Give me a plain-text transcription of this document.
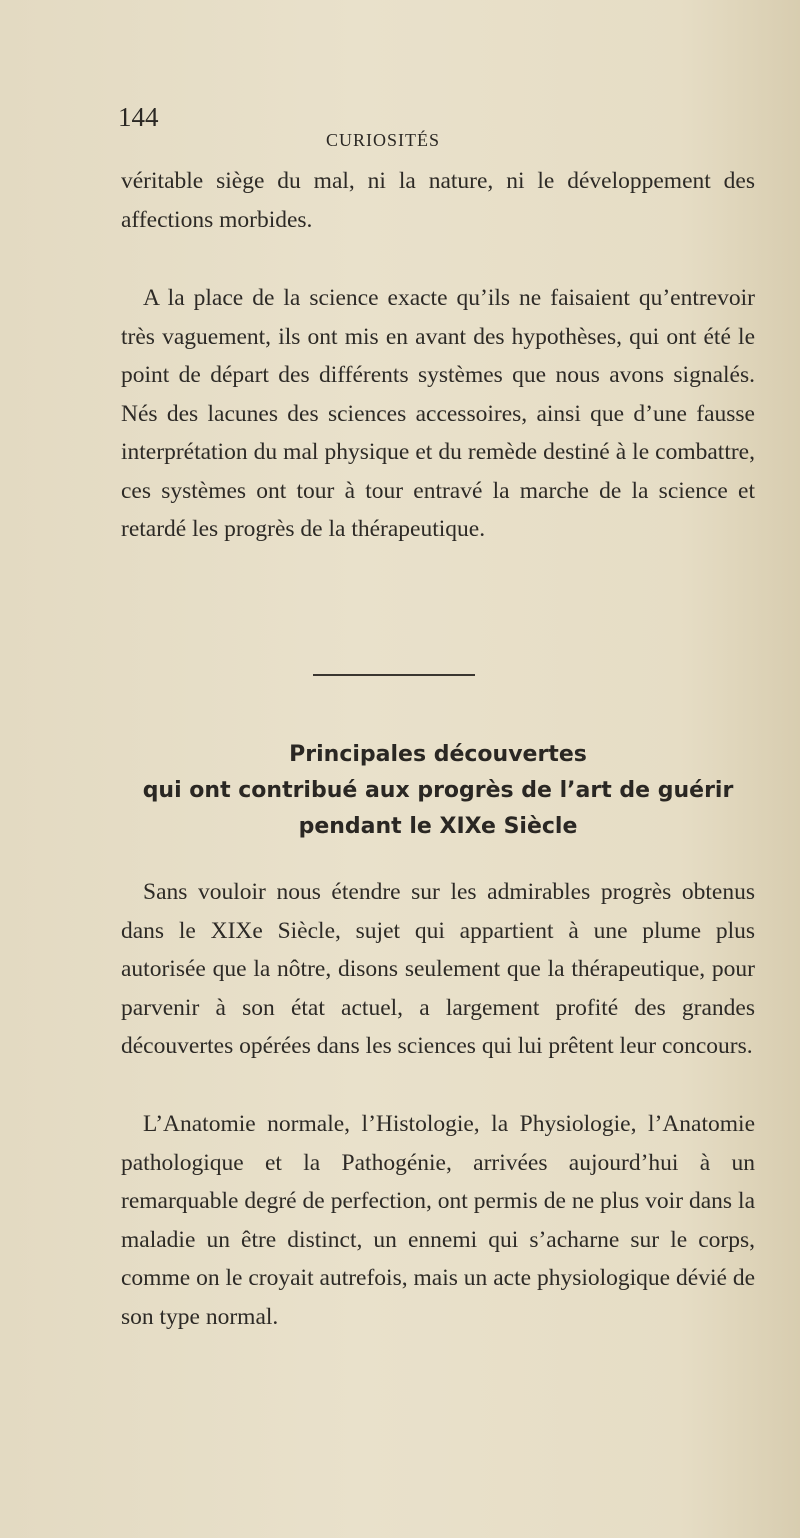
144
CURIOSITÉS

véritable siège du mal, ni la nature, ni le développement des affections morbides.

A la place de la science exacte qu’ils ne faisaient qu’entrevoir très vaguement, ils ont mis en avant des hypothèses, qui ont été le point de départ des différents systèmes que nous avons signalés. Nés des lacunes des sciences accessoires, ainsi que d’une fausse interprétation du mal physique et du remède destiné à le combattre, ces systèmes ont tour à tour entravé la marche de la science et retardé les progrès de la thérapeutique.

Principales découvertes
qui ont contribué aux progrès de l’art de guérir
pendant le XIXe Siècle

Sans vouloir nous étendre sur les admirables progrès obtenus dans le XIXe Siècle, sujet qui appartient à une plume plus autorisée que la nôtre, disons seulement que la thérapeutique, pour parvenir à son état actuel, a largement profité des grandes découvertes opérées dans les sciences qui lui prêtent leur concours.

L’Anatomie normale, l’Histologie, la Physiologie, l’Anatomie pathologique et la Pathogénie, arrivées aujourd’hui à un remarquable degré de perfection, ont permis de ne plus voir dans la maladie un être distinct, un ennemi qui s’acharne sur le corps, comme on le croyait autrefois, mais un acte physiologique dévié de son type normal.
